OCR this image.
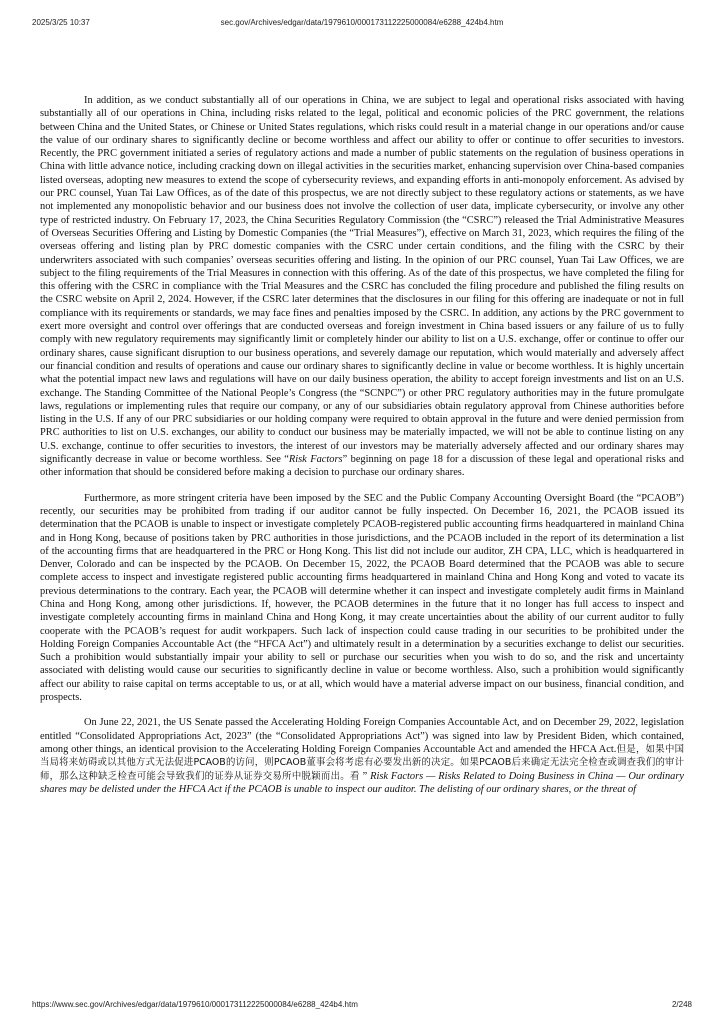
2025/3/25 10:37	sec.gov/Archives/edgar/data/1979610/000173112225000084/e6288_424b4.htm

In addition, as we conduct substantially all of our operations in China, we are subject to legal and operational risks associated with having substantially all of our operations in China, including risks related to the legal, political and economic policies of the PRC government, the relations between China and the United States, or Chinese or United States regulations, which risks could result in a material change in our operations and/or cause the value of our ordinary shares to significantly decline or become worthless and affect our ability to offer or continue to offer securities to investors. Recently, the PRC government initiated a series of regulatory actions and made a number of public statements on the regulation of business operations in China with little advance notice, including cracking down on illegal activities in the securities market, enhancing supervision over China-based companies listed overseas, adopting new measures to extend the scope of cybersecurity reviews, and expanding efforts in anti-monopoly enforcement. As advised by our PRC counsel, Yuan Tai Law Offices, as of the date of this prospectus, we are not directly subject to these regulatory actions or statements, as we have not implemented any monopolistic behavior and our business does not involve the collection of user data, implicate cybersecurity, or involve any other type of restricted industry. On February 17, 2023, the China Securities Regulatory Commission (the “CSRC”) released the Trial Administrative Measures of Overseas Securities Offering and Listing by Domestic Companies (the “Trial Measures”), effective on March 31, 2023, which requires the filing of the overseas offering and listing plan by PRC domestic companies with the CSRC under certain conditions, and the filing with the CSRC by their underwriters associated with such companies’ overseas securities offering and listing. In the opinion of our PRC counsel, Yuan Tai Law Offices, we are subject to the filing requirements of the Trial Measures in connection with this offering. As of the date of this prospectus, we have completed the filing for this offering with the CSRC in compliance with the Trial Measures and the CSRC has concluded the filing procedure and published the filing results on the CSRC website on April 2, 2024. However, if the CSRC later determines that the disclosures in our filing for this offering are inadequate or not in full compliance with its requirements or standards, we may face fines and penalties imposed by the CSRC. In addition, any actions by the PRC government to exert more oversight and control over offerings that are conducted overseas and foreign investment in China based issuers or any failure of us to fully comply with new regulatory requirements may significantly limit or completely hinder our ability to list on a U.S. exchange, offer or continue to offer our ordinary shares, cause significant disruption to our business operations, and severely damage our reputation, which would materially and adversely affect our financial condition and results of operations and cause our ordinary shares to significantly decline in value or become worthless. It is highly uncertain what the potential impact new laws and regulations will have on our daily business operation, the ability to accept foreign investments and list on an U.S. exchange. The Standing Committee of the National People’s Congress (the “SCNPC”) or other PRC regulatory authorities may in the future promulgate laws, regulations or implementing rules that require our company, or any of our subsidiaries obtain regulatory approval from Chinese authorities before listing in the U.S. If any of our PRC subsidiaries or our holding company were required to obtain approval in the future and were denied permission from PRC authorities to list on U.S. exchanges, our ability to conduct our business may be materially impacted, we will not be able to continue listing on any U.S. exchange, continue to offer securities to investors, the interest of our investors may be materially adversely affected and our ordinary shares may significantly decrease in value or become worthless. See “Risk Factors” beginning on page 18 for a discussion of these legal and operational risks and other information that should be considered before making a decision to purchase our ordinary shares.

Furthermore, as more stringent criteria have been imposed by the SEC and the Public Company Accounting Oversight Board (the “PCAOB”) recently, our securities may be prohibited from trading if our auditor cannot be fully inspected. On December 16, 2021, the PCAOB issued its determination that the PCAOB is unable to inspect or investigate completely PCAOB-registered public accounting firms headquartered in mainland China and in Hong Kong, because of positions taken by PRC authorities in those jurisdictions, and the PCAOB included in the report of its determination a list of the accounting firms that are headquartered in the PRC or Hong Kong. This list did not include our auditor, ZH CPA, LLC, which is headquartered in Denver, Colorado and can be inspected by the PCAOB. On December 15, 2022, the PCAOB Board determined that the PCAOB was able to secure complete access to inspect and investigate registered public accounting firms headquartered in mainland China and Hong Kong and voted to vacate its previous determinations to the contrary. Each year, the PCAOB will determine whether it can inspect and investigate completely audit firms in Mainland China and Hong Kong, among other jurisdictions. If, however, the PCAOB determines in the future that it no longer has full access to inspect and investigate completely accounting firms in mainland China and Hong Kong, it may create uncertainties about the ability of our current auditor to fully cooperate with the PCAOB’s request for audit workpapers. Such lack of inspection could cause trading in our securities to be prohibited under the Holding Foreign Companies Accountable Act (the “HFCA Act”) and ultimately result in a determination by a securities exchange to delist our securities. Such a prohibition would substantially impair your ability to sell or purchase our securities when you wish to do so, and the risk and uncertainty associated with delisting would cause our securities to significantly decline in value or become worthless. Also, such a prohibition would significantly affect our ability to raise capital on terms acceptable to us, or at all, which would have a material adverse impact on our business, financial condition, and prospects.

On June 22, 2021, the US Senate passed the Accelerating Holding Foreign Companies Accountable Act, and on December 29, 2022, legislation entitled “Consolidated Appropriations Act, 2023” (the “Consolidated Appropriations Act”) was signed into law by President Biden, which contained, among other things, an identical provision to the Accelerating Holding Foreign Companies Accountable Act and amended the HFCA Act.但是，如果中国当局将来妨碍或以其他方式无法促进PCAOB的访问，则PCAOB董事会将考虑有必要发出新的决定。如果PCAOB后来确定无法完全检查或调查我们的审计师，那么这种缺乏检查可能会导致我们的证券从证券交易所中脱颖而出。看 ” Risk Factors — Risks Related to Doing Business in China — Our ordinary shares may be delisted under the HFCA Act if the PCAOB is unable to inspect our auditor. The delisting of our ordinary shares, or the threat of

https://www.sec.gov/Archives/edgar/data/1979610/000173112225000084/e6288_424b4.htm	2/248
